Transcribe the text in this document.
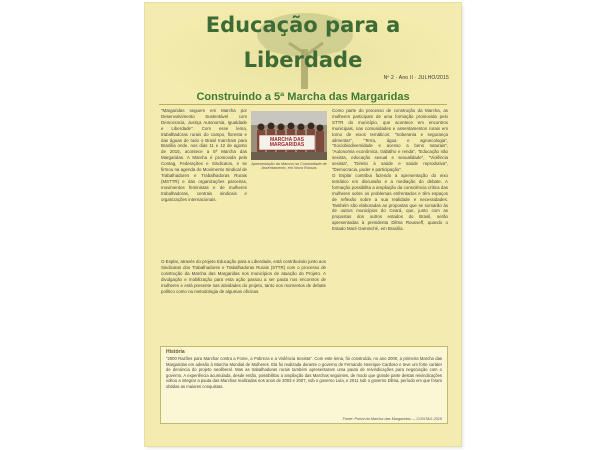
Educação para a
Liberdade
Nº 2 · Ano II · JULHO/2015
Construindo a 5ª Marcha das Margaridas
"Margaridas seguem em Marcha por Desenvolvimento Sustentável com Democracia, Justiça Autonomia, Igualdade e Liberdade". Com esse lema, trabalhadoras rurais do campo, floresta e das águas de todo o Brasil marcham para Brasília onde, nos dias 11 e 12 de agosto de 2015, acontece a 5ª Marcha das Margaridas. A Marcha é promovida pela Contag, Federações e Sindicatos, e se firmou na agenda do Movimento Sindical de Trabalhadores e Trabalhadoras Rurais (MSTTR) e das organizações parceiras, movimentos feministas e de mulheres trabalhadoras, centrais sindicais e organizações internacionais.
MARCHA DAS MARGARIDAS
Apresentação da Marcha na Comunidade de Assentamento, em Nova Russas
O Esplar, através do projeto Educação para a Liberdade, está contribuindo junto aos Sindicatos dos Trabalhadores e Trabalhadoras Rurais (STTR) com o processo de construção da Marcha das Margaridas nos municípios de atuação do Projeto. A divulgação e mobilização para esta ação passou a ser pauta nos encontros de mulheres e está presente nas atividades do projeto, tanto nos momentos de debate político como na metodologia de algumas oficinas.
Como parte do processo de construção da Marcha, as mulheres participam de uma formação promovida pelo STTR do município, que acontece em encontros municipais, nas comunidades e assentamentos rurais em torno de eixos temáticos: "Soberania e segurança alimentar", "Terra, água e agroecologia", "Sociobiodiversidade e acesso a bens naturais", "Autonomia econômica, trabalho e renda", "Educação não sexista, educação sexual e sexualidade", "Violência sexista", "Direito à saúde e saúde reprodutiva", "Democracia, poder e participação".
O Esplar contribui fazendo a apresentação do eixo temático em discussão e a mediação do debate. A formação possibilita a ampliação da consciência crítica das mulheres sobre os problemas enfrentados e têm espaços de reflexão sobre a sua realidade e necessidades. Também são elaboradas as propostas que se somarão às de outros municípios do Ceará, que, junto com as propostas dos outros estados do Brasil, serão apresentadas à presidenta Dilma Rousseff, quando o Estado Maré Gaminché, em Brasília.
História
"2000 Razões para Marchar contra a Fome, a Pobreza e a Violência Sexista". Com este lema, foi construída, no ano 2000, a primeira Marcha das Margaridas em adesão à Marcha Mundial de Mulheres. Ela foi realizada durante o governo de Fernando Henrique Cardoso e teve um forte caráter de denúncia do projeto neoliberal. Mas as trabalhadoras rurais também apresentaram uma pauta de reivindicações para negociação com o governo. A experiência acumulada, desde então, possibilitou a ampliação das Marchas seguintes, de modo que grande parte destas reivindicações voltou a integrar a pauta das Marchas realizadas nos anos de 2003 e 2007, sob o governo Lula, e 2011 sob o governo Dilma, período em que foram obtidas as maiores conquistas.
Fonte: Portal da Marcha das Margaridas — CONTAG 2015
